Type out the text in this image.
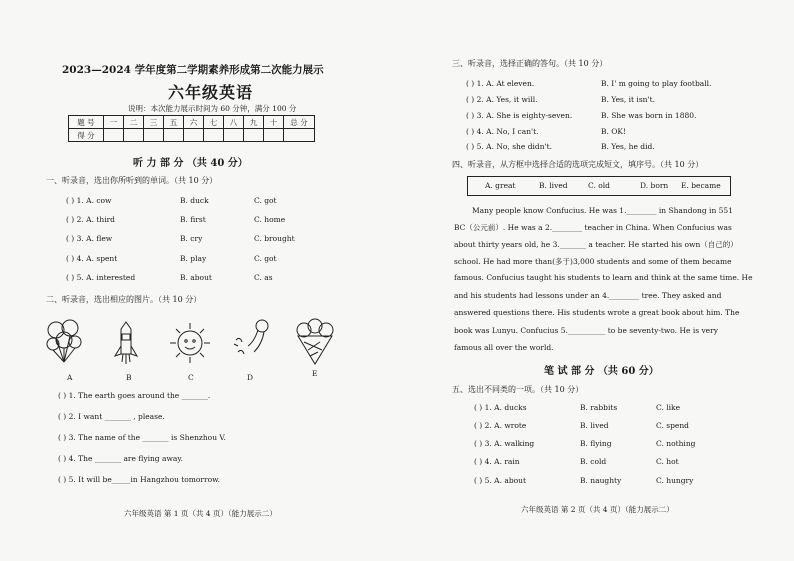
2023—2024 学年度第二学期素养形成第二次能力展示
六年级英语
说明：本次能力展示时间为 60 分钟，满分 100 分
题 号	一	二	三	五	六	七	八	九	十	总 分
得 分										
听 力 部 分 （共 40 分）
一、听录音，选出你所听到的单词。（共 10 分）
( ) 1. A. cow	B. duck	C. got
( ) 2. A. third	B. first	C. home
( ) 3. A. flew	B. cry	C. brought
( ) 4. A. spent	B. play	C. got
( ) 5. A. interested	B. about	C. as
二、听录音，选出相应的图片。（共 10 分）
A	B	C	D	E
( ) 1. The earth goes around the _______.
( ) 2. I want _______ , please.
( ) 3. The name of the _______ is Shenzhou V.
( ) 4. The _______ are flying away.
( ) 5. It will be_____in Hangzhou tomorrow.
六年级英语 第 1 页（共 4 页）（能力展示二）
三、听录音，选择正确的答句。（共 10 分）
( ) 1. A. At eleven.	B. I' m going to play football.
( ) 2. A. Yes, it will.	B. Yes, it isn't.
( ) 3. A. She is eighty-seven.	B. She was born in 1880.
( ) 4. A. No, I can't.	B. OK!
( ) 5. A. No, she didn't.	B. Yes, he did.
四、听录音，从方框中选择合适的选项完成短文，填序号。（共 10 分）
A. great	B. lived	C. old	D. born E. became
Many people know Confucius. He was 1.________ in Shandong in 551
BC（公元前）. He was a 2.________ teacher in China. When Confucius was
about thirty years old, he 3._______ a teacher. He started his own（自己的）
school. He had more than(多于)3,000 students and some of them became
famous. Confucius taught his students to learn and think at the same time. He
and his students had lessons under an 4.________ tree. They asked and
answered questions there. His students wrote a great book about him. The
book was Lunyu. Confucius 5.__________ to be seventy-two. He is very
famous all over the world.
笔 试 部 分 （共 60 分）
五、选出不同类的一项。（共 10 分）
( ) 1. A. ducks	B. rabbits	C. like
( ) 2. A. wrote	B. lived	C. spend
( ) 3. A. walking	B. flying	C. nothing
( ) 4. A. rain	B. cold	C. hot
( ) 5. A. about	B. naughty	C. hungry
六年级英语 第 2 页（共 4 页）（能力展示二）
